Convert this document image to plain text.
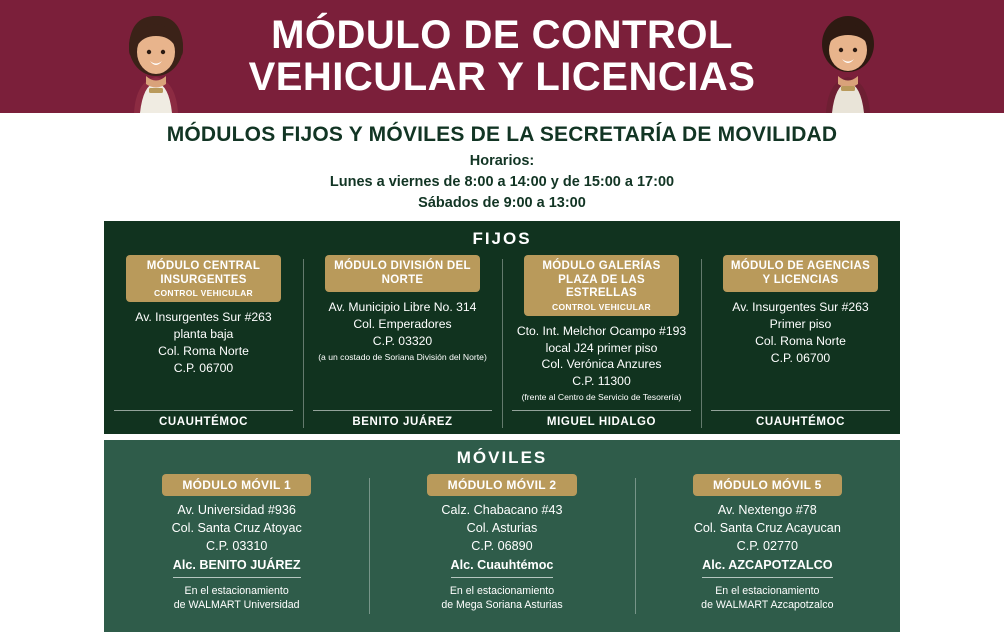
MÓDULO DE CONTROL
VEHICULAR Y LICENCIAS
MÓDULOS FIJOS Y MÓVILES DE LA SECRETARÍA DE MOVILIDAD
Horarios:
Lunes a viernes de 8:00 a 14:00 y de 15:00 a 17:00
Sábados de 9:00 a 13:00
FIJOS
MÓDULO CENTRAL INSURGENTES
CONTROL VEHICULAR
Av. Insurgentes Sur #263
planta baja
Col. Roma Norte
C.P. 06700
CUAUHTÉMOC
MÓDULO DIVISIÓN DEL NORTE
Av. Municipio Libre No. 314
Col. Emperadores
C.P. 03320
(a un costado de Soriana División del Norte)
BENITO JUÁREZ
MÓDULO GALERÍAS PLAZA DE LAS ESTRELLAS
CONTROL VEHICULAR
Cto. Int. Melchor Ocampo #193
local J24 primer piso
Col. Verónica Anzures
C.P. 11300
(frente al Centro de Servicio de Tesorería)
MIGUEL HIDALGO
MÓDULO DE AGENCIAS Y LICENCIAS
Av. Insurgentes Sur #263
Primer piso
Col. Roma Norte
C.P. 06700
CUAUHTÉMOC
MÓVILES
MÓDULO MÓVIL 1
Av. Universidad #936
Col. Santa Cruz Atoyac
C.P. 03310
Alc. BENITO JUÁREZ
En el estacionamiento
de WALMART Universidad
MÓDULO MÓVIL 2
Calz. Chabacano #43
Col. Asturias
C.P. 06890
Alc. Cuauhtémoc
En el estacionamiento
de Mega Soriana Asturias
MÓDULO MÓVIL 5
Av. Nextengo #78
Col. Santa Cruz Acayucan
C.P. 02770
Alc. AZCAPOTZALCO
En el estacionamiento
de WALMART Azcapotzalco
